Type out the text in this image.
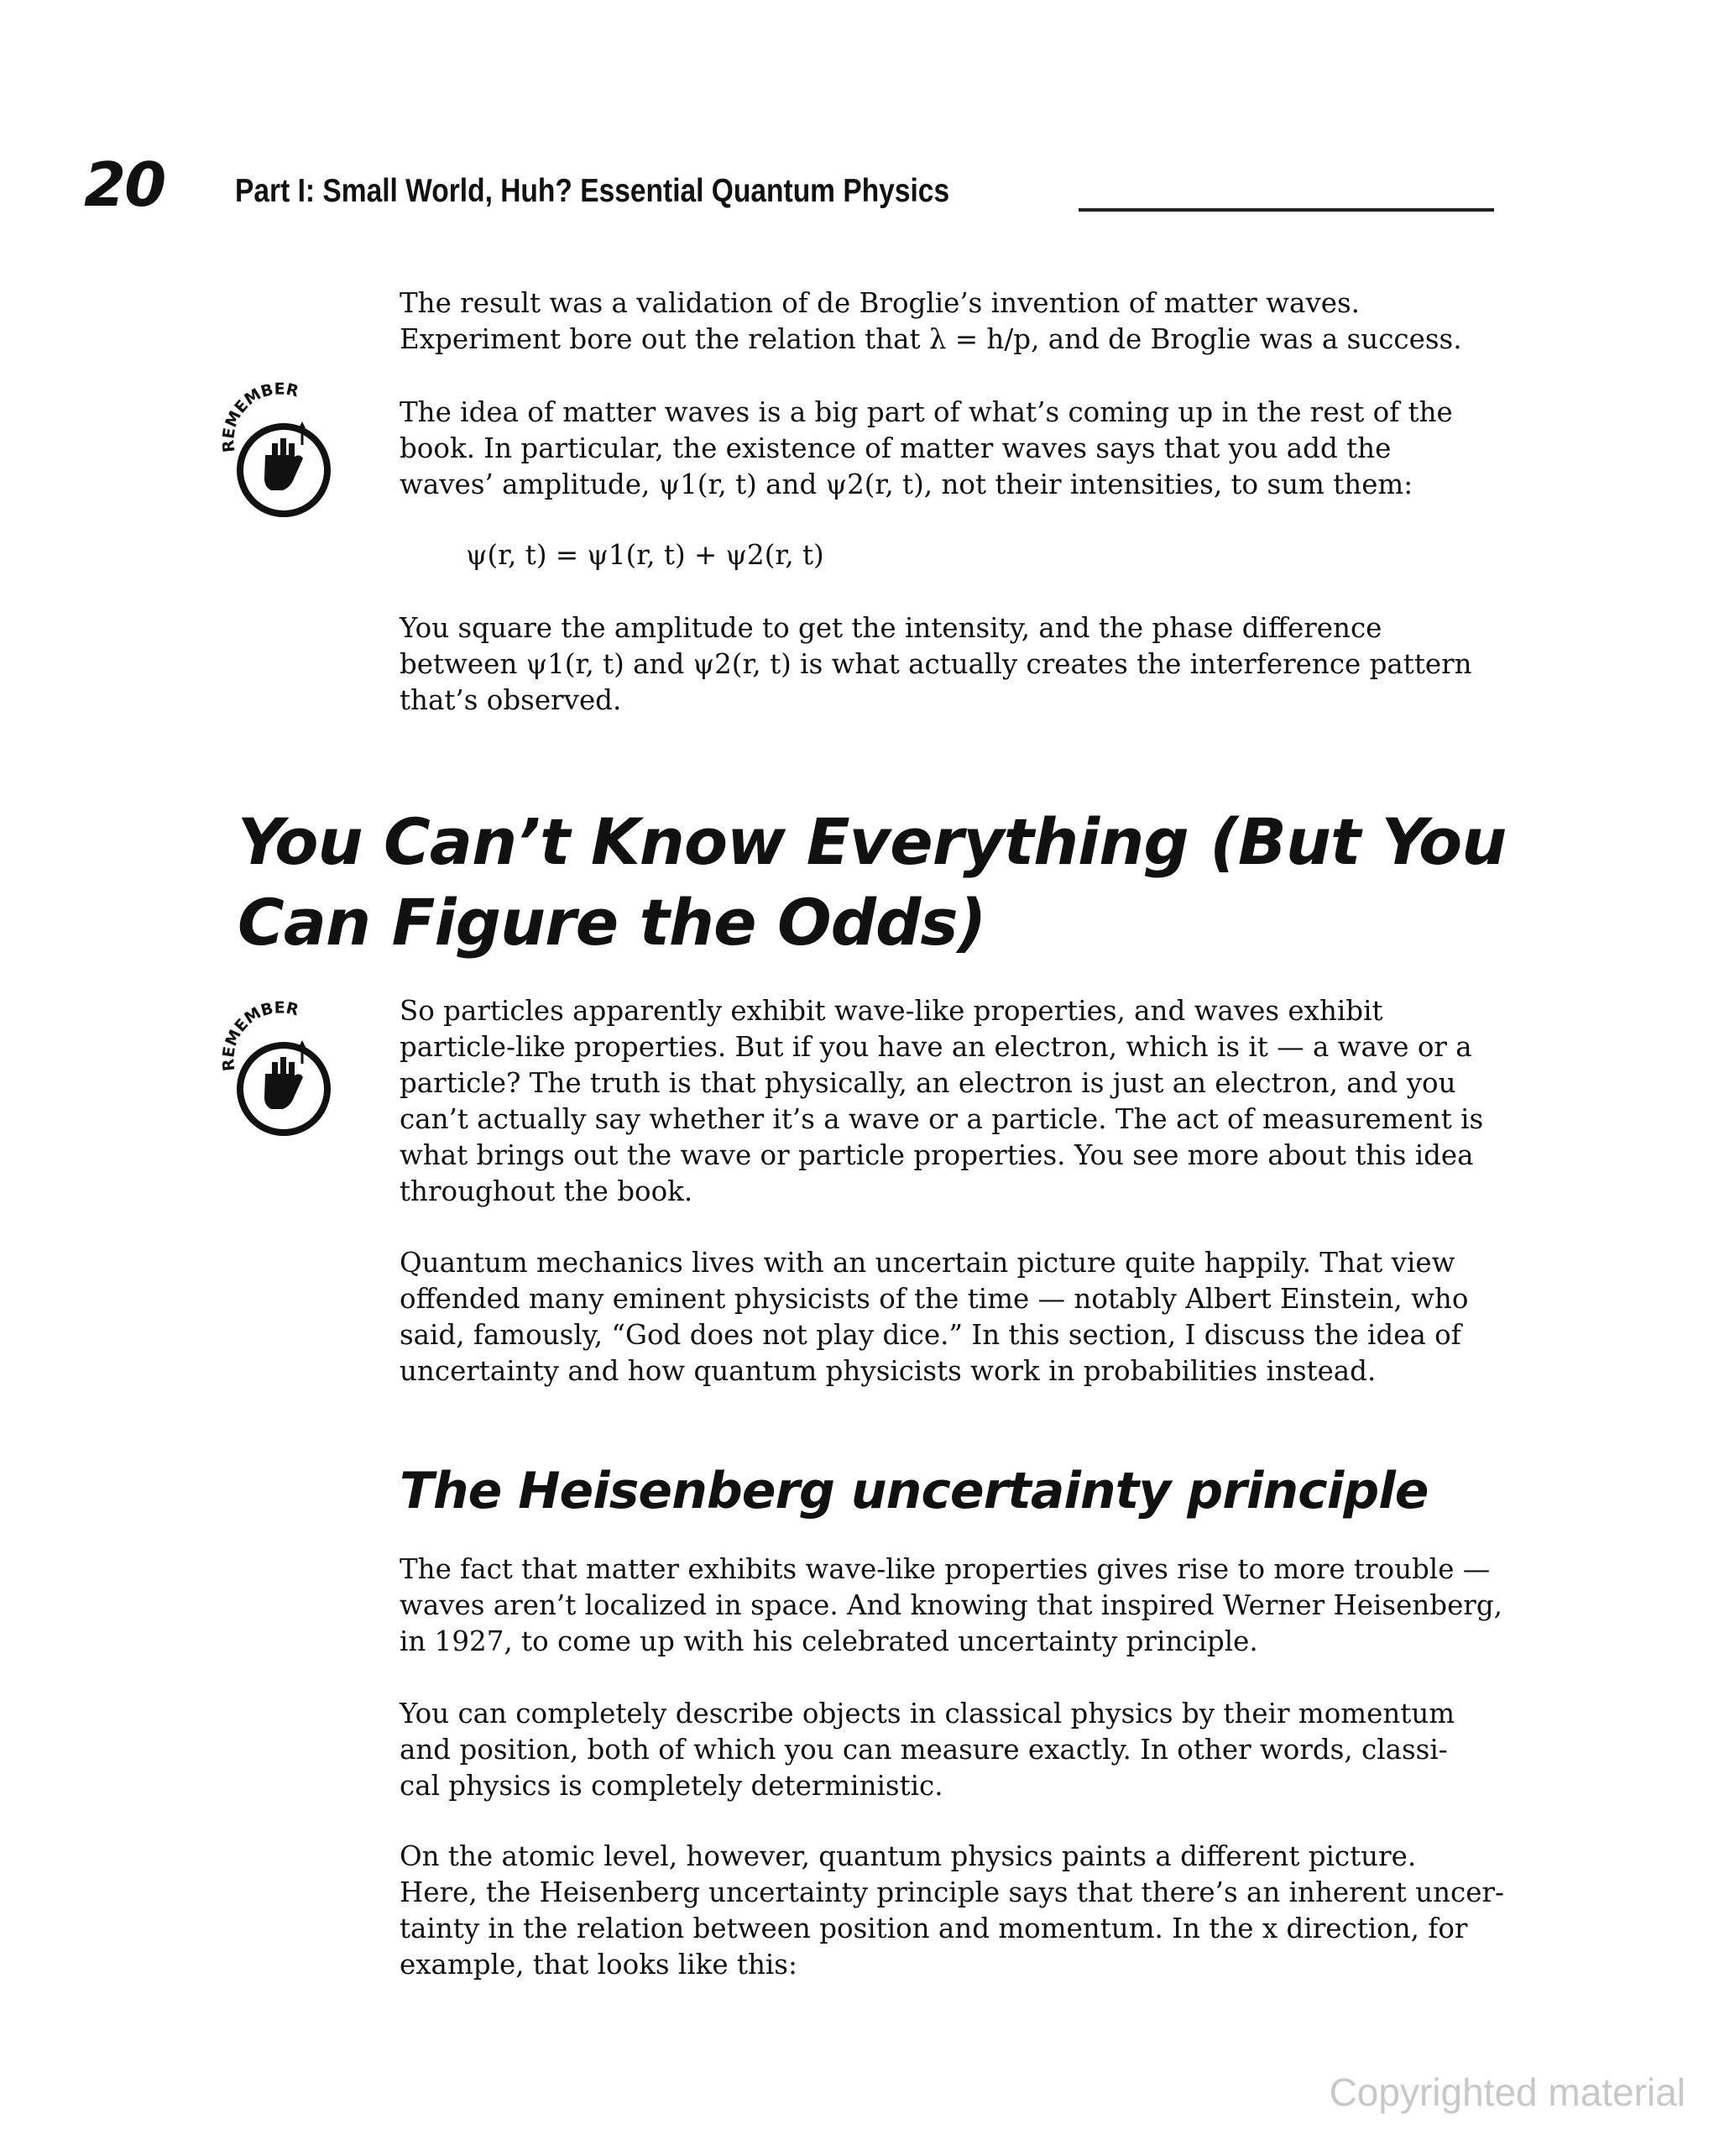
20 Part I: Small World, Huh? Essential Quantum Physics
The result was a validation of de Broglie’s invention of matter waves.
Experiment bore out the relation that λ = h/p, and de Broglie was a success.
REMEMBER
The idea of matter waves is a big part of what’s coming up in the rest of the
book. In particular, the existence of matter waves says that you add the
waves’ amplitude, ψ1(r, t) and ψ2(r, t), not their intensities, to sum them:
ψ(r, t) = ψ1(r, t) + ψ2(r, t)
You square the amplitude to get the intensity, and the phase difference
between ψ1(r, t) and ψ2(r, t) is what actually creates the interference pattern
that’s observed.
You Can’t Know Everything (But You
Can Figure the Odds)
REMEMBER	So particles apparently exhibit wave-like properties, and waves exhibit
particle-like properties. But if you have an electron, which is it — a wave or a
particle? The truth is that physically, an electron is just an electron, and you
can’t actually say whether it’s a wave or a particle. The act of measurement is
what brings out the wave or particle properties. You see more about this idea
throughout the book.
Quantum mechanics lives with an uncertain picture quite happily. That view
offended many eminent physicists of the time — notably Albert Einstein, who
said, famously, “God does not play dice.” In this section, I discuss the idea of
uncertainty and how quantum physicists work in probabilities instead.
The Heisenberg uncertainty principle
The fact that matter exhibits wave-like properties gives rise to more trouble —
waves aren’t localized in space. And knowing that inspired Werner Heisenberg,
in 1927, to come up with his celebrated uncertainty principle.
You can completely describe objects in classical physics by their momentum
and position, both of which you can measure exactly. In other words, classi-
cal physics is completely deterministic.
On the atomic level, however, quantum physics paints a different picture.
Here, the Heisenberg uncertainty principle says that there’s an inherent uncer-
tainty in the relation between position and momentum. In the x direction, for
example, that looks like this:
Copyrighted material
